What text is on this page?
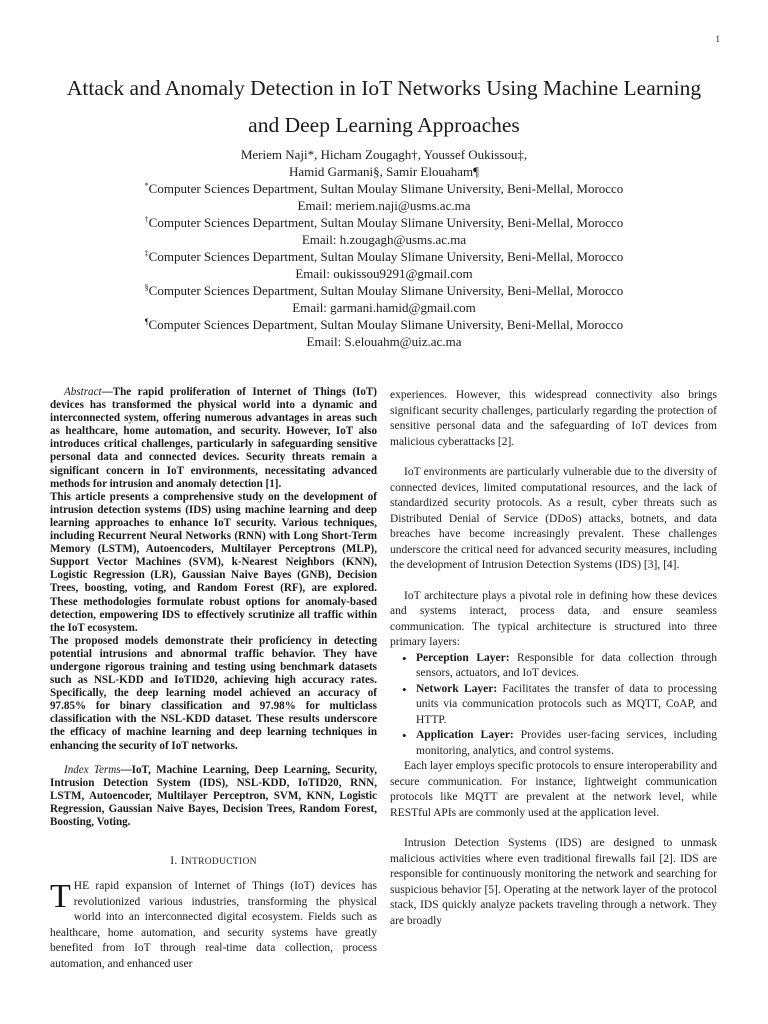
1
Attack and Anomaly Detection in IoT Networks Using Machine Learning and Deep Learning Approaches
Meriem Naji*, Hicham Zougagh†, Youssef Oukissou‡,
Hamid Garmani§, Samir Elouaham¶
*Computer Sciences Department, Sultan Moulay Slimane University, Beni-Mellal, Morocco
Email: meriem.naji@usms.ac.ma
†Computer Sciences Department, Sultan Moulay Slimane University, Beni-Mellal, Morocco
Email: h.zougagh@usms.ac.ma
‡Computer Sciences Department, Sultan Moulay Slimane University, Beni-Mellal, Morocco
Email: oukissou9291@gmail.com
§Computer Sciences Department, Sultan Moulay Slimane University, Beni-Mellal, Morocco
Email: garmani.hamid@gmail.com
¶Computer Sciences Department, Sultan Moulay Slimane University, Beni-Mellal, Morocco
Email: S.elouahm@uiz.ac.ma

Abstract—The rapid proliferation of Internet of Things (IoT) devices has transformed the physical world into a dynamic and interconnected system, offering numerous advantages in areas such as healthcare, home automation, and security. However, IoT also introduces critical challenges, particularly in safeguarding sensitive personal data and connected devices. Security threats remain a significant concern in IoT environments, necessitating advanced methods for intrusion and anomaly detection [1].

This article presents a comprehensive study on the development of intrusion detection systems (IDS) using machine learning and deep learning approaches to enhance IoT security. Various techniques, including Recurrent Neural Networks (RNN) with Long Short-Term Memory (LSTM), Autoencoders, Multilayer Perceptrons (MLP), Support Vector Machines (SVM), k-Nearest Neighbors (KNN), Logistic Regression (LR), Gaussian Naive Bayes (GNB), Decision Trees, boosting, voting, and Random Forest (RF), are explored. These methodologies formulate robust options for anomaly-based detection, empowering IDS to effectively scrutinize all traffic within the IoT ecosystem.

The proposed models demonstrate their proficiency in detecting potential intrusions and abnormal traffic behavior. They have undergone rigorous training and testing using benchmark datasets such as NSL-KDD and IoTID20, achieving high accuracy rates. Specifically, the deep learning model achieved an accuracy of 97.85% for binary classification and 97.98% for multiclass classification with the NSL-KDD dataset. These results underscore the efficacy of machine learning and deep learning techniques in enhancing the security of IoT networks.

Index Terms—IoT, Machine Learning, Deep Learning, Security, Intrusion Detection System (IDS), NSL-KDD, IoTID20, RNN, LSTM, Autoencoder, Multilayer Perceptron, SVM, KNN, Logistic Regression, Gaussian Naive Bayes, Decision Trees, Random Forest, Boosting, Voting.

I. INTRODUCTION

THE rapid expansion of Internet of Things (IoT) devices has revolutionized various industries, transforming the physical world into an interconnected digital ecosystem. Fields such as healthcare, home automation, and security systems have greatly benefited from IoT through real-time data collection, process automation, and enhanced user

experiences. However, this widespread connectivity also brings significant security challenges, particularly regarding the protection of sensitive personal data and the safeguarding of IoT devices from malicious cyberattacks [2].

IoT environments are particularly vulnerable due to the diversity of connected devices, limited computational resources, and the lack of standardized security protocols. As a result, cyber threats such as Distributed Denial of Service (DDoS) attacks, botnets, and data breaches have become increasingly prevalent. These challenges underscore the critical need for advanced security measures, including the development of Intrusion Detection Systems (IDS) [3], [4].

IoT architecture plays a pivotal role in defining how these devices and systems interact, process data, and ensure seamless communication. The typical architecture is structured into three primary layers:

• Perception Layer: Responsible for data collection through sensors, actuators, and IoT devices.
• Network Layer: Facilitates the transfer of data to processing units via communication protocols such as MQTT, CoAP, and HTTP.
• Application Layer: Provides user-facing services, including monitoring, analytics, and control systems.

Each layer employs specific protocols to ensure interoperability and secure communication. For instance, lightweight communication protocols like MQTT are prevalent at the network level, while RESTful APIs are commonly used at the application level.

Intrusion Detection Systems (IDS) are designed to unmask malicious activities where even traditional firewalls fail [2]. IDS are responsible for continuously monitoring the network and searching for suspicious behavior [5]. Operating at the network layer of the protocol stack, IDS quickly analyze packets traveling through a network. They are broadly
